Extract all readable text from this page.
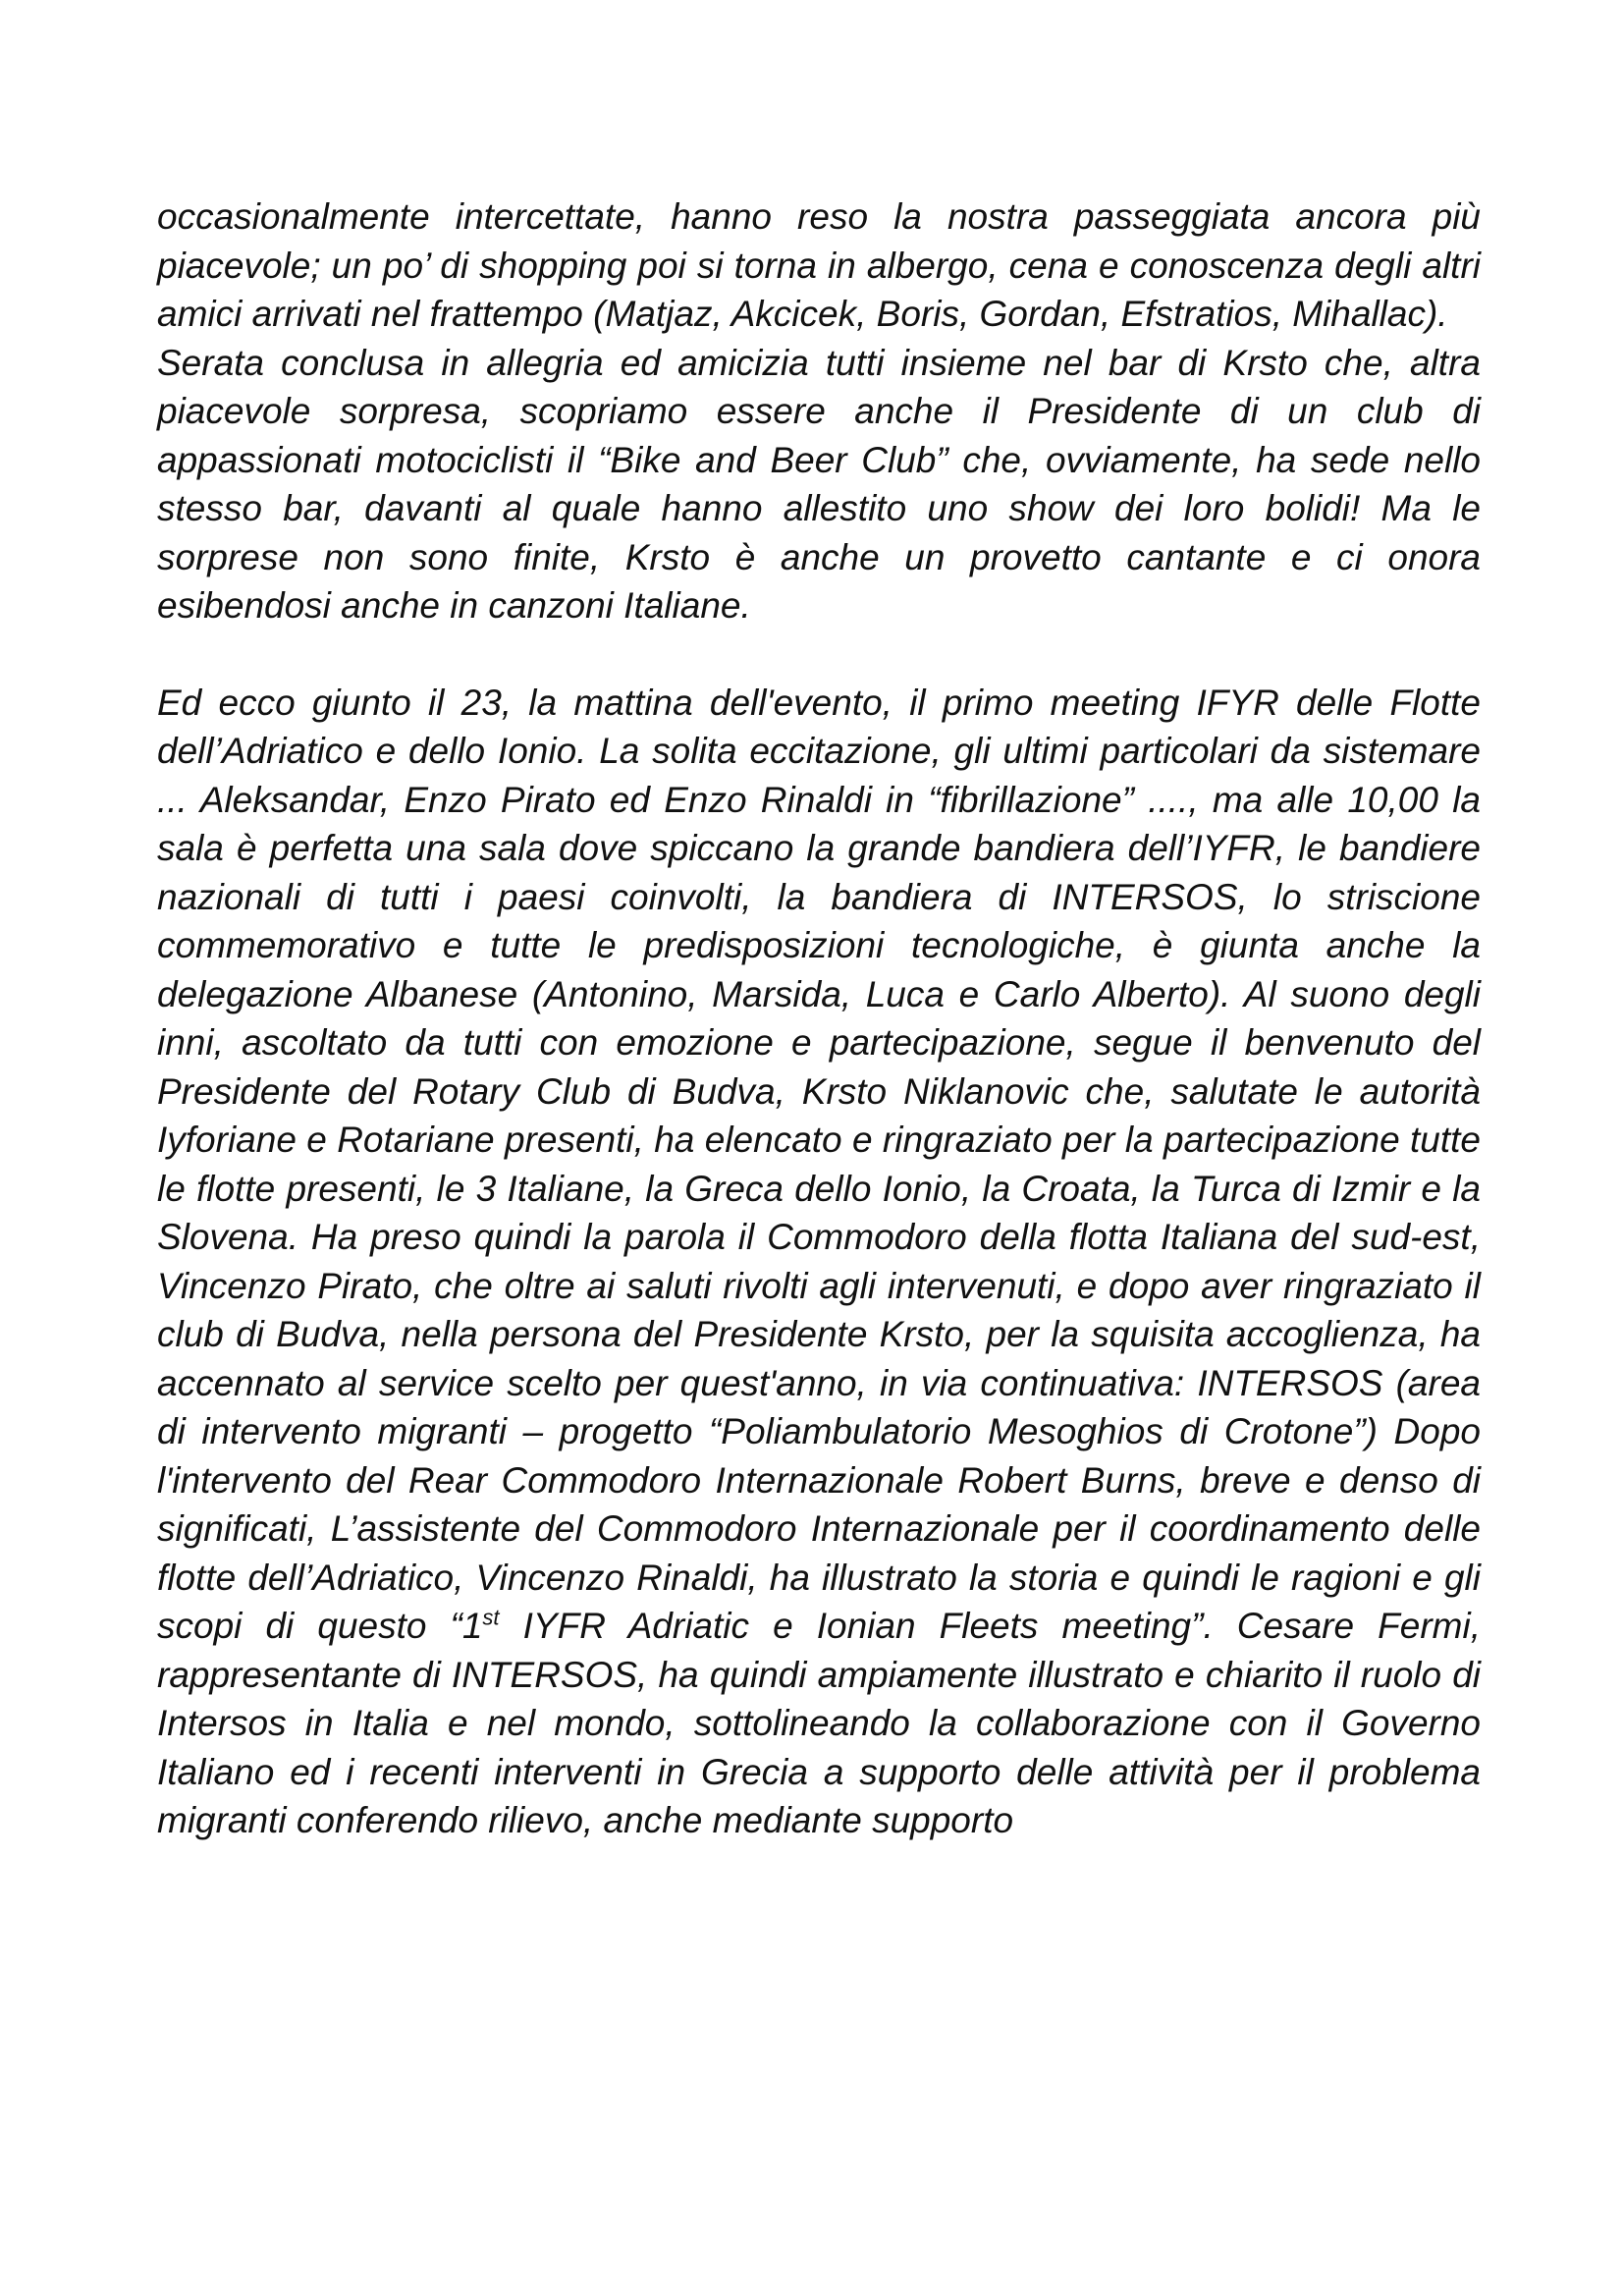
occasionalmente intercettate, hanno reso la nostra passeggiata ancora più piacevole; un po’ di shopping poi si torna in albergo, cena e conoscenza degli altri amici arrivati nel frattempo (Matjaz, Akcicek, Boris, Gordan, Efstratios, Mihallac).

Serata conclusa in allegria ed amicizia tutti insieme nel bar di Krsto che, altra piacevole sorpresa, scopriamo essere anche il Presidente di un club di appassionati motociclisti il “Bike and Beer Club” che, ovviamente, ha sede nello stesso bar, davanti al quale hanno allestito uno show dei loro bolidi! Ma le sorprese non sono finite, Krsto è anche un provetto cantante e ci onora esibendosi anche in canzoni Italiane.

Ed ecco giunto il 23, la mattina dell'evento, il primo meeting IFYR delle Flotte dell’Adriatico e dello Ionio. La solita eccitazione, gli ultimi particolari da sistemare ... Aleksandar, Enzo Pirato ed Enzo Rinaldi in “fibrillazione” ...., ma alle 10,00 la sala è perfetta una sala dove spiccano la grande bandiera dell’IYFR, le bandiere nazionali di tutti i paesi coinvolti, la bandiera di INTERSOS, lo striscione commemorativo e tutte le predisposizioni tecnologiche, è giunta anche la delegazione Albanese (Antonino, Marsida, Luca e Carlo Alberto). Al suono degli inni, ascoltato da tutti con emozione e partecipazione, segue il benvenuto del Presidente del Rotary Club di Budva, Krsto Niklanovic che, salutate le autorità Iyforiane e Rotariane presenti, ha elencato e ringraziato per la partecipazione tutte le flotte presenti, le 3 Italiane, la Greca dello Ionio, la Croata, la Turca di Izmir e la Slovena. Ha preso quindi la parola il Commodoro della flotta Italiana del sud-est, Vincenzo Pirato, che oltre ai saluti rivolti agli intervenuti, e dopo aver ringraziato il club di Budva, nella persona del Presidente Krsto, per la squisita accoglienza, ha accennato al service scelto per quest'anno, in via continuativa: INTERSOS (area di intervento migranti – progetto “Poliambulatorio Mesoghios di Crotone”) Dopo l'intervento del Rear Commodoro Internazionale Robert Burns, breve e denso di significati, L’assistente del Commodoro Internazionale per il coordinamento delle flotte dell’Adriatico, Vincenzo Rinaldi, ha illustrato la storia e quindi le ragioni e gli scopi di questo “1st IYFR Adriatic e Ionian Fleets meeting”. Cesare Fermi, rappresentante di INTERSOS, ha quindi ampiamente illustrato e chiarito il ruolo di Intersos in Italia e nel mondo, sottolineando la collaborazione con il Governo Italiano ed i recenti interventi in Grecia a supporto delle attività per il problema migranti conferendo rilievo, anche mediante supporto
